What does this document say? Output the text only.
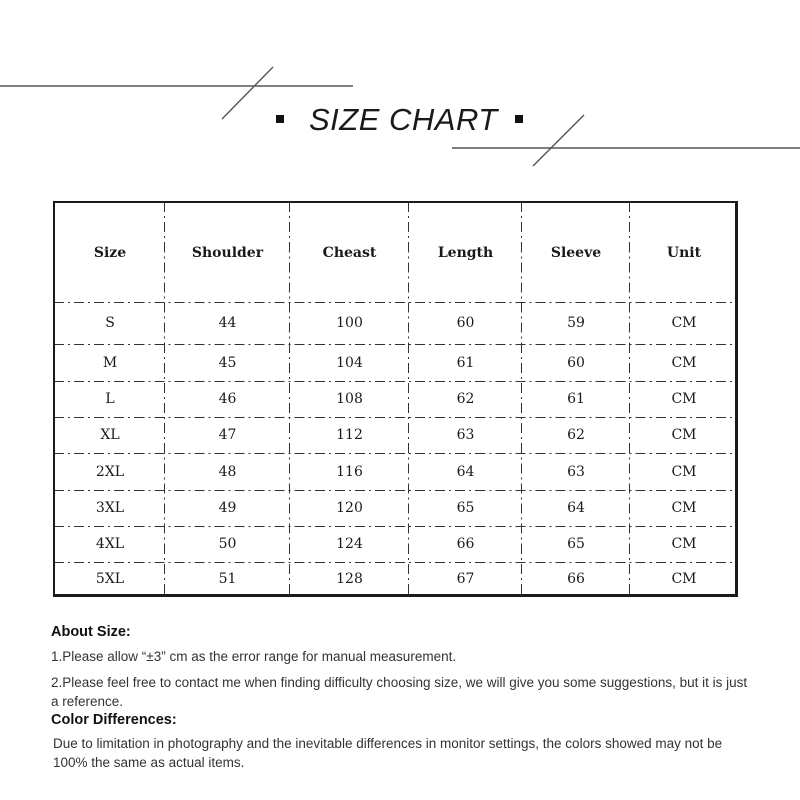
SIZE CHART
Size	Shoulder	Cheast	Length	Sleeve	Unit
S	44	100	60	59	CM
M	45	104	61	60	CM
L	46	108	62	61	CM
XL	47	112	63	62	CM
2XL	48	116	64	63	CM
3XL	49	120	65	64	CM
4XL	50	124	66	65	CM
5XL	51	128	67	66	CM
About Size:

1.Please allow “±3” cm as the error range for manual measurement.

2.Please feel free to contact me when finding difficulty choosing size, we will give you some suggestions, but it is just a reference.

Color Differences:

Due to limitation in photography and the inevitable differences in monitor settings, the colors showed may not be 100% the same as actual items.
